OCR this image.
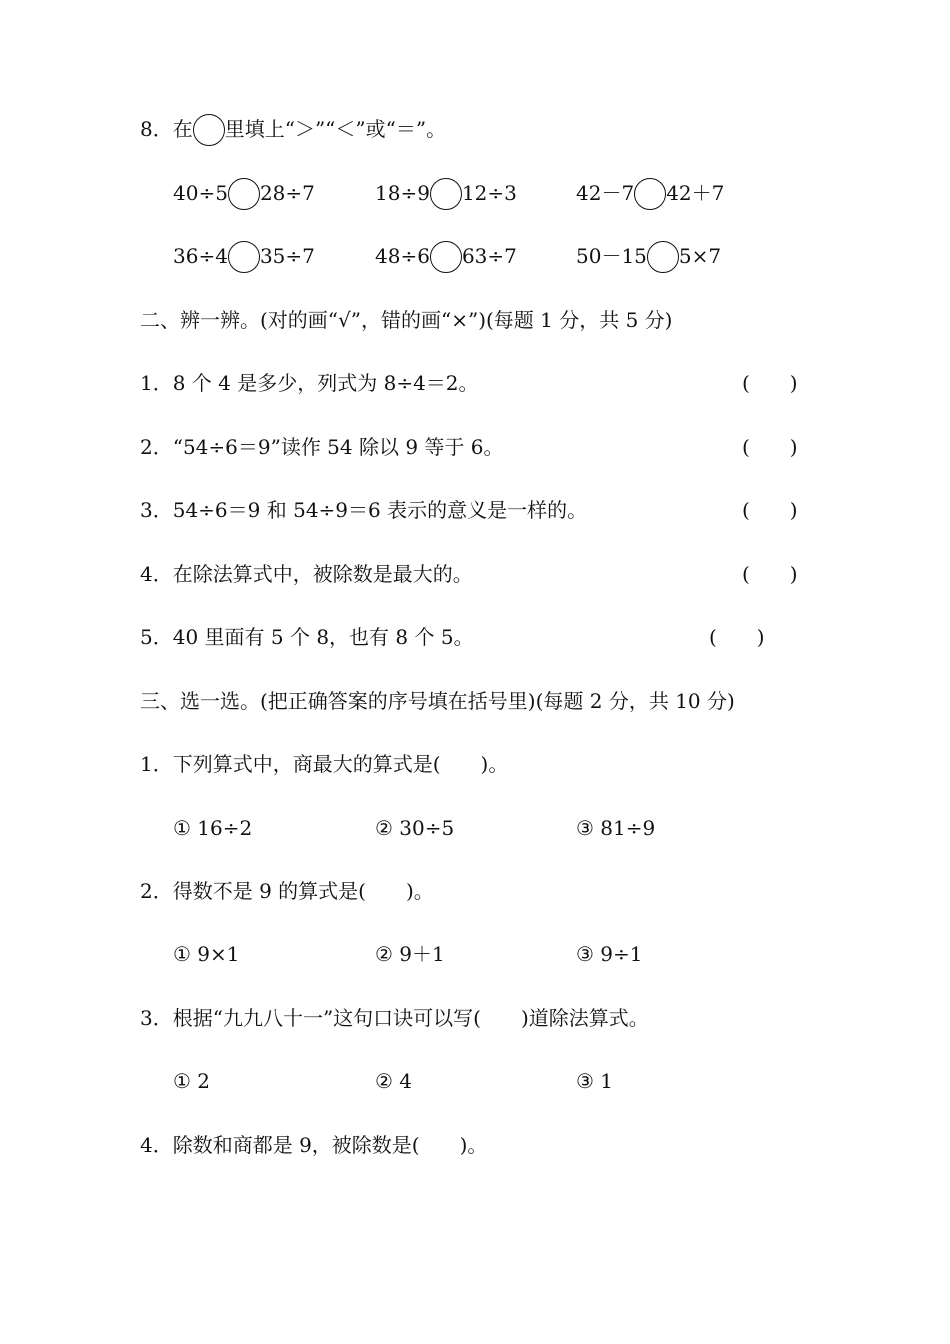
8．在 里填上“＞”“＜”或“＝”。
40÷5 28÷7	18÷9 12÷3	42－7 42＋7
36÷4 35÷7	48÷6 63÷7	50－15 5×7
二、辨一辨。(对的画“√”，错的画“×”)(每题 1 分，共 5 分)
1．8 个 4 是多少，列式为 8÷4＝2。	(　　)
2．“54÷6＝9”读作 54 除以 9 等于 6。	(　　)
3．54÷6＝9 和 54÷9＝6 表示的意义是一样的。	(　　)
4．在除法算式中，被除数是最大的。	(　　)
5．40 里面有 5 个 8，也有 8 个 5。	(　　)
三、选一选。(把正确答案的序号填在括号里)(每题 2 分，共 10 分)
1．下列算式中，商最大的算式是(　　)。
① 16÷2	② 30÷5	③ 81÷9
2．得数不是 9 的算式是(　　)。
① 9×1	② 9＋1	③ 9÷1
3．根据“九九八十一”这句口诀可以写(　　)道除法算式。
① 2	② 4	③ 1
4．除数和商都是 9，被除数是(　　)。
